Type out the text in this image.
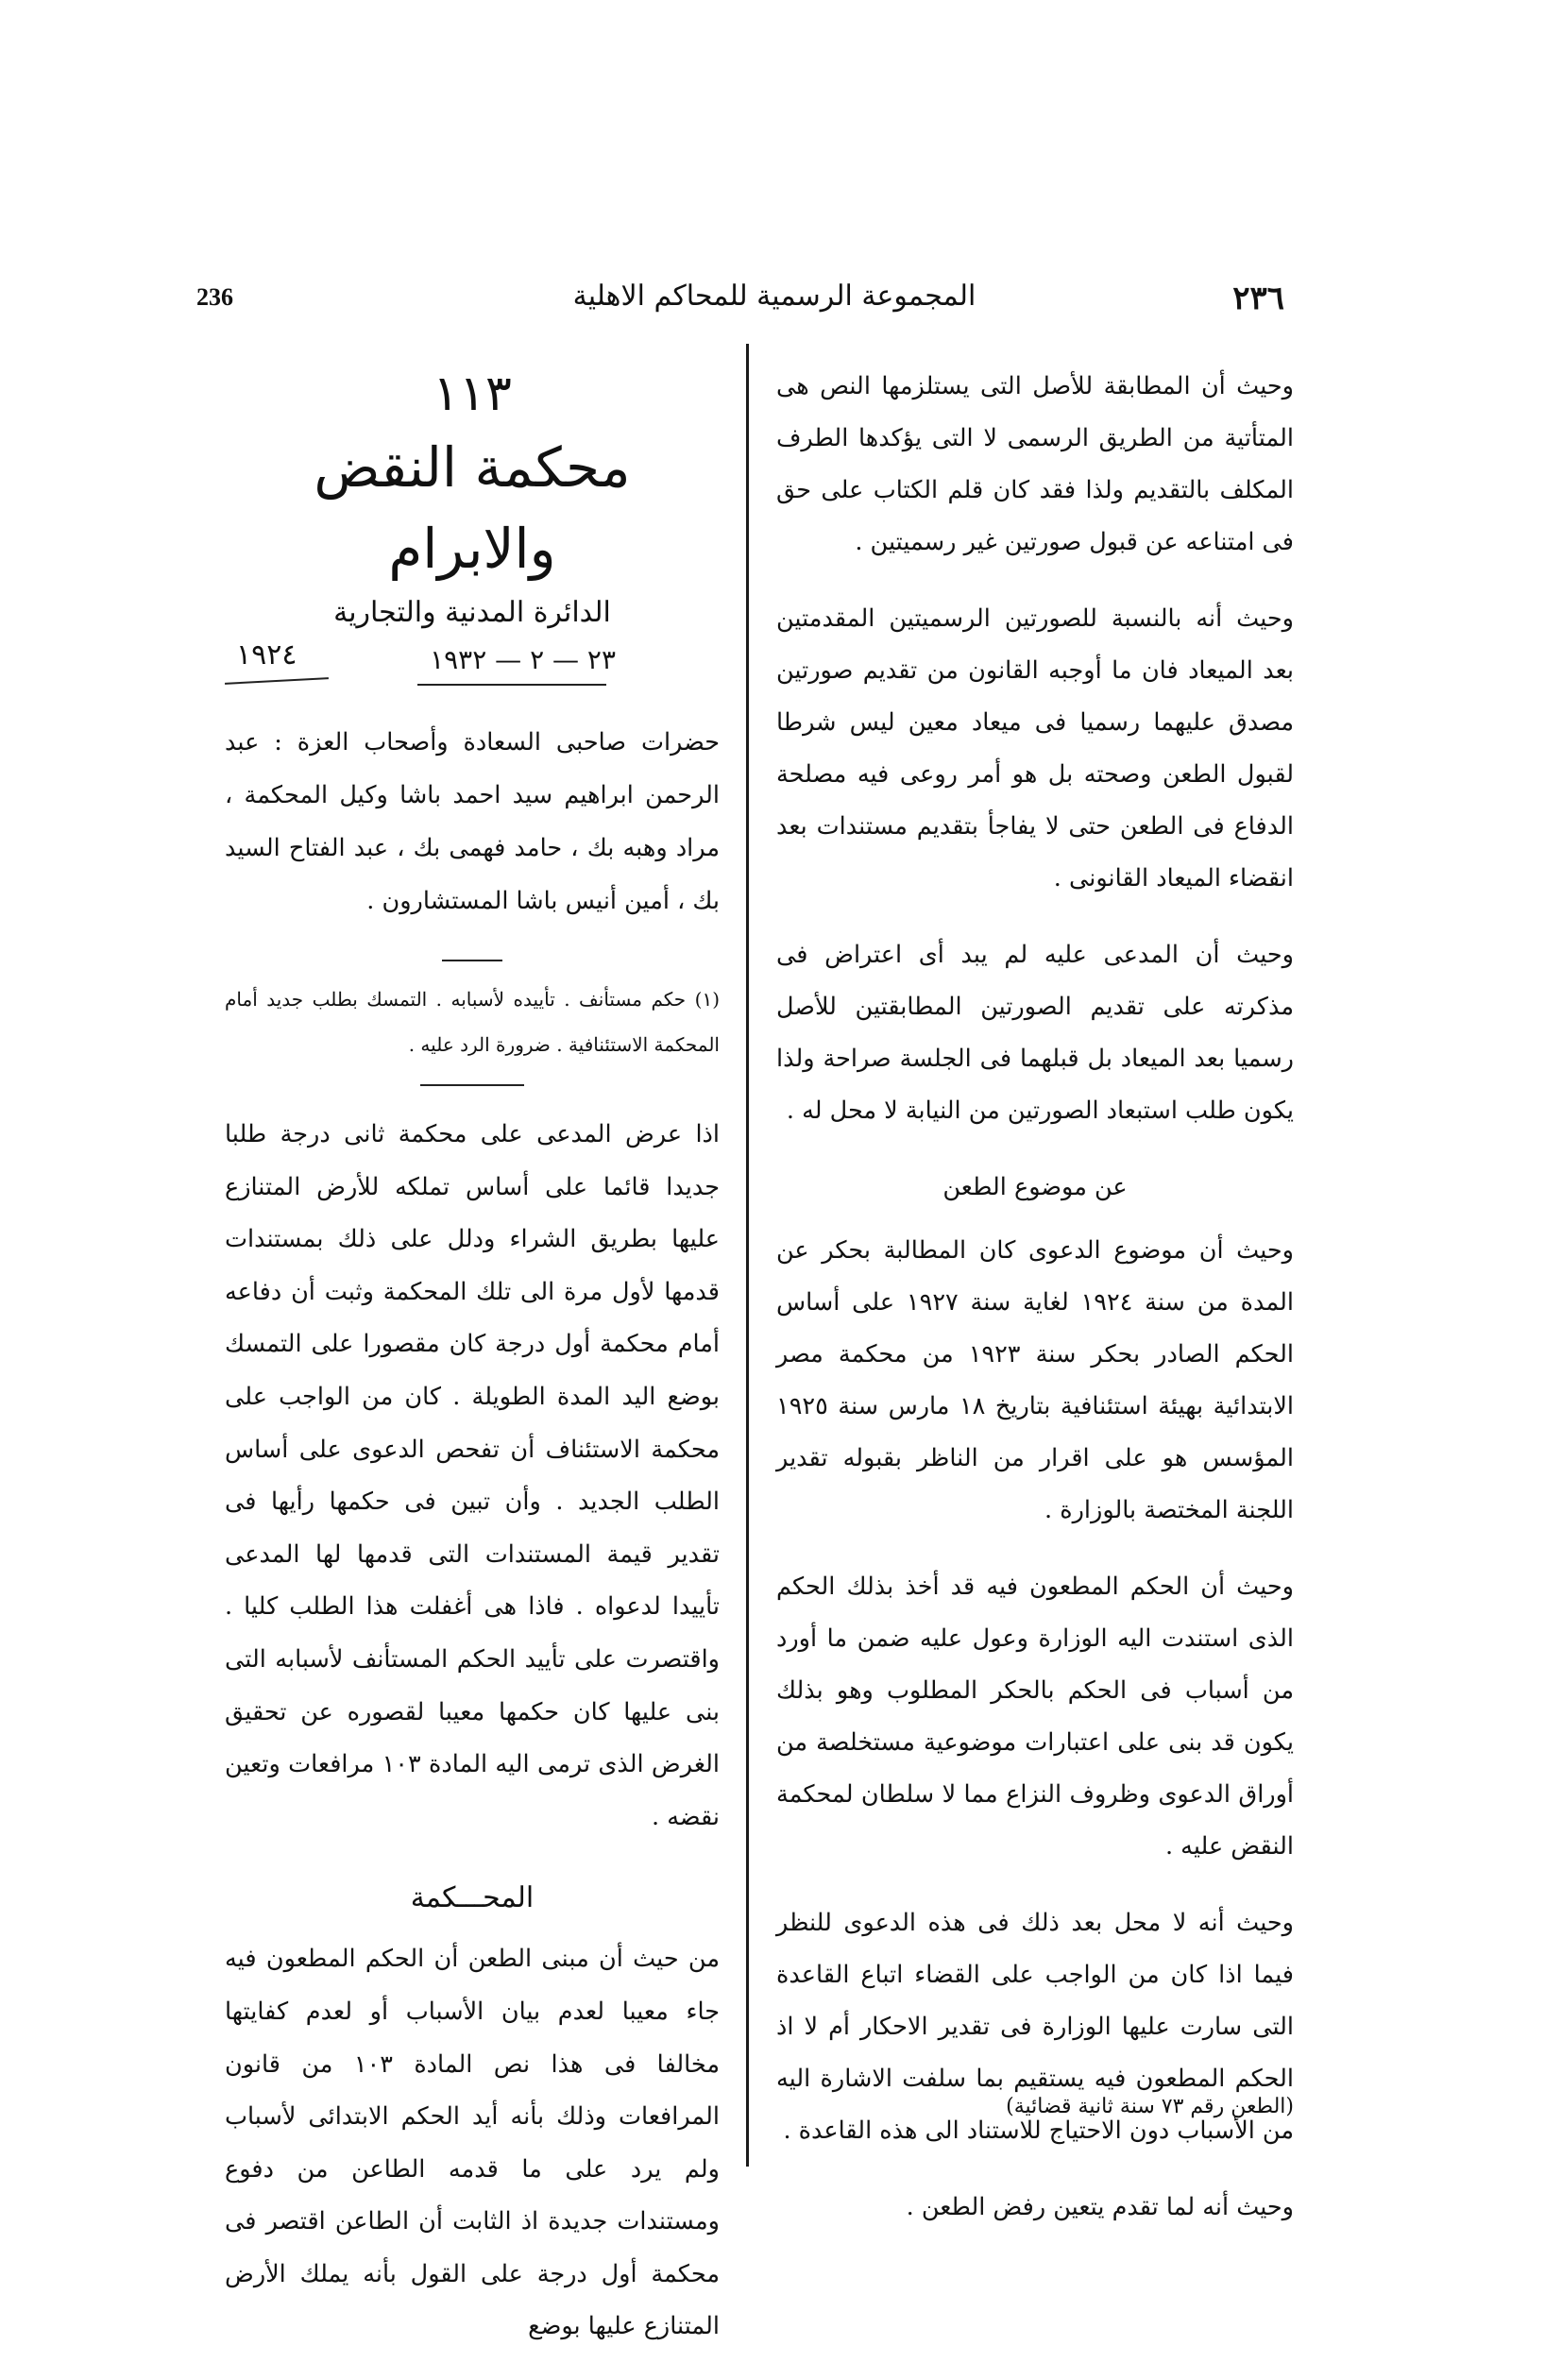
236	المجموعة الرسمية للمحاكم الاهلية	٢٣٦

وحيث أن المطابقة للأصل التى يستلزمها النص هى المتأتية من الطريق الرسمى لا التى يؤكدها الطرف المكلف بالتقديم ولذا فقد كان قلم الكتاب على حق فى امتناعه عن قبول صورتين غير رسميتين .

وحيث أنه بالنسبة للصورتين الرسميتين المقدمتين بعد الميعاد فان ما أوجبه القانون من تقديم صورتين مصدق عليهما رسميا فى ميعاد معين ليس شرطا لقبول الطعن وصحته بل هو أمر روعى فيه مصلحة الدفاع فى الطعن حتى لا يفاجأ بتقديم مستندات بعد انقضاء الميعاد القانونى .

وحيث أن المدعى عليه لم يبد أى اعتراض فى مذكرته على تقديم الصورتين المطابقتين للأصل رسميا بعد الميعاد بل قبلهما فى الجلسة صراحة ولذا يكون طلب استبعاد الصورتين من النيابة لا محل له .

عن موضوع الطعن

وحيث أن موضوع الدعوى كان المطالبة بحكر عن المدة من سنة ١٩٢٤ لغاية سنة ١٩٢٧ على أساس الحكم الصادر بحكر سنة ١٩٢٣ من محكمة مصر الابتدائية بهيئة استئنافية بتاريخ ١٨ مارس سنة ١٩٢٥ المؤسس هو على اقرار من الناظر بقبوله تقدير اللجنة المختصة بالوزارة .

وحيث أن الحكم المطعون فيه قد أخذ بذلك الحكم الذى استندت اليه الوزارة وعول عليه ضمن ما أورد من أسباب فى الحكم بالحكر المطلوب وهو بذلك يكون قد بنى على اعتبارات موضوعية مستخلصة من أوراق الدعوى وظروف النزاع مما لا سلطان لمحكمة النقض عليه .

وحيث أنه لا محل بعد ذلك فى هذه الدعوى للنظر فيما اذا كان من الواجب على القضاء اتباع القاعدة التى سارت عليها الوزارة فى تقدير الاحكار أم لا اذ الحكم المطعون فيه يستقيم بما سلفت الاشارة اليه من الأسباب دون الاحتياج للاستناد الى هذه القاعدة .

وحيث أنه لما تقدم يتعين رفض الطعن .

(الطعن رقم ٧٣ سنة ثانية قضائية)
١١٣
محكمة النقض والابرام
الدائرة المدنية والتجارية
٢٣ — ٢ — ١٩٣٢
١٩٢٤
حضرات صاحبى السعادة وأصحاب العزة : عبد الرحمن ابراهيم سيد احمد باشا وكيل المحكمة ، مراد وهبه بك ، حامد فهمى بك ، عبد الفتاح السيد بك ، أمين أنيس باشا المستشارون .
(١) حكم مستأنف . تأييده لأسبابه . التمسك بطلب جديد أمام المحكمة الاستئنافية . ضرورة الرد عليه .
اذا عرض المدعى على محكمة ثانى درجة طلبا جديدا قائما على أساس تملكه للأرض المتنازع عليها بطريق الشراء ودلل على ذلك بمستندات قدمها لأول مرة الى تلك المحكمة وثبت أن دفاعه أمام محكمة أول درجة كان مقصورا على التمسك بوضع اليد المدة الطويلة . كان من الواجب على محكمة الاستئناف أن تفحص الدعوى على أساس الطلب الجديد . وأن تبين فى حكمها رأيها فى تقدير قيمة المستندات التى قدمها لها المدعى تأييدا لدعواه . فاذا هى أغفلت هذا الطلب كليا . واقتصرت على تأييد الحكم المستأنف لأسبابه التى بنى عليها كان حكمها معيبا لقصوره عن تحقيق الغرض الذى ترمى اليه المادة ١٠٣ مرافعات وتعين نقضه .
المحـــكمة
من حيث أن مبنى الطعن أن الحكم المطعون فيه جاء معيبا لعدم بيان الأسباب أو لعدم كفايتها مخالفا فى هذا نص المادة ١٠٣ من قانون المرافعات وذلك بأنه أيد الحكم الابتدائى لأسباب ولم يرد على ما قدمه الطاعن من دفوع ومستندات جديدة اذ الثابت أن الطاعن اقتصر فى محكمة أول درجة على القول بأنه يملك الأرض المتنازع عليها بوضع
